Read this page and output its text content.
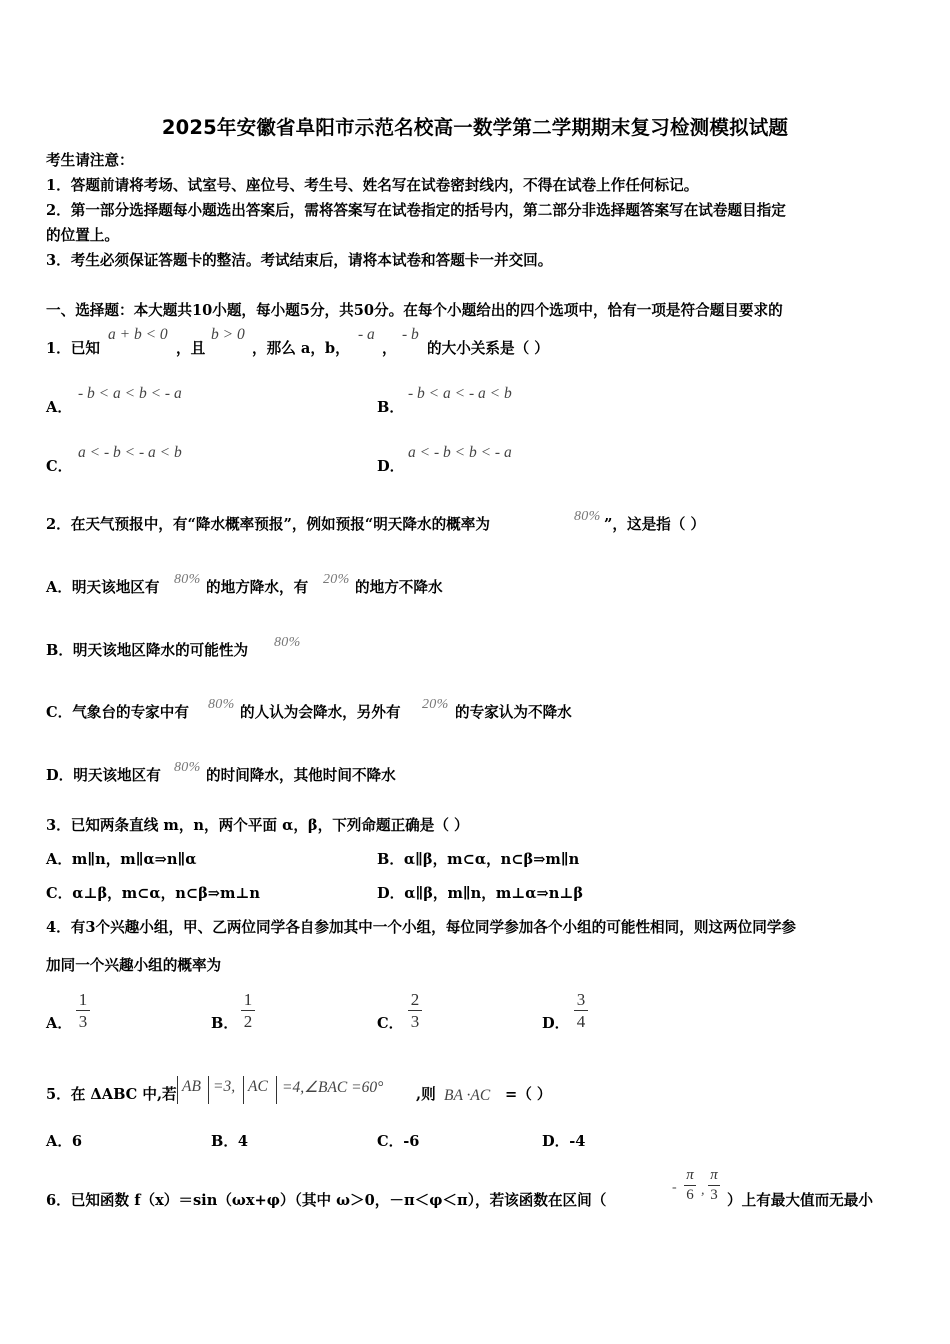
2025年安徽省阜阳市示范名校高一数学第二学期期末复习检测模拟试题
考生请注意：
1．答题前请将考场、试室号、座位号、考生号、姓名写在试卷密封线内，不得在试卷上作任何标记。
2．第一部分选择题每小题选出答案后，需将答案写在试卷指定的括号内，第二部分非选择题答案写在试卷题目指定
的位置上。
3．考生必须保证答题卡的整洁。考试结束后，请将本试卷和答题卡一并交回。
一、选择题：本大题共10小题，每小题5分，共50分。在每个小题给出的四个选项中，恰有一项是符合题目要求的
1．已知
a + b < 0
，且
b > 0
，那么 a，b，
- a
，
- b
的大小关系是（ ）
A．
- b < a < b < - a
B．
- b < a < - a < b
C．
a < - b < - a < b
D．
a < - b < b < - a
2．在天气预报中，有“降水概率预报”，例如预报“明天降水的概率为	80% ”，这是指（ ）
A．明天该地区有 80% 的地方降水，有 20% 的地方不降水
B．明天该地区降水的可能性为 80%
C．气象台的专家中有 80% 的人认为会降水，另外有 20% 的专家认为不降水
D．明天该地区有 80% 的时间降水，其他时间不降水
3．已知两条直线 m，n，两个平面 α，β，下列命题正确是（ ）
A．m∥n，m∥α⇒n∥α	B．α∥β，m⊂α，n⊂β⇒m∥n
C．α⊥β，m⊂α，n⊂β⇒m⊥n	D．α∥β，m∥n，m⊥α⇒n⊥β
4．有3个兴趣小组，甲、乙两位同学各自参加其中一个小组，每位同学参加各个小组的可能性相同，则这两位同学参
加同一个兴趣小组的概率为
A．
1
3	B．
1
2	C．
2
3	D．
3
4
5．在 ΔABC 中,若 AB =3, AC =4,∠BAC =60° ,则 BA ·AC =（ ）
A．6	B．4	C．-6	D．-4
6．已知函数 f（x）＝sin（ωx+φ）（其中 ω＞0，－π＜φ＜π），若该函数在区间（
-
π
6 ,
π
3 ）上有最大值而无最小
